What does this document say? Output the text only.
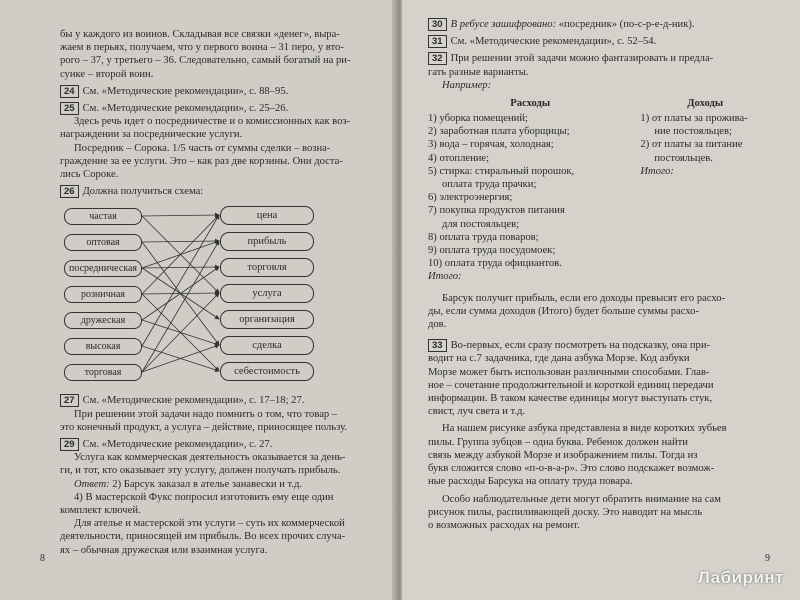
бы у каждого из воинов. Складывая все связки «денег», выра-

жаем в перьях, получаем, что у первого воина – 31 перо, у вто-

рого – 37, у третьего – 36. Следовательно, самый богатый на ри-

сунке – второй воин.

24 См. «Методические рекомендации», с. 88–95.

25 См. «Методические рекомендации», с. 25–26.

Здесь речь идет о посредничестве и о комиссионных как воз-

награждении за посреднические услуги.

Посредник – Сорока. 1/5 часть от суммы сделки – возна-

граждение за ее услуги. Это – как раз две корзины. Они доста-

лись Сороке.

26 Должна получиться схема:

частая
оптовая
посредническая
розничная
дружеская
высокая
торговая
цена
прибыль
торговля
услуга
организация
сделка
себестоимость

27 См. «Методические рекомендации», с. 17–18; 27.

При решении этой задачи надо помнить о том, что товар –

это конечный продукт, а услуга – действие, приносящее пользу.

29 См. «Методические рекомендации», с. 27.

Услуга как коммерческая деятельность оказывается за день-

ги, и тот, кто оказывает эту услугу, должен получать прибыль.

Ответ: 2) Барсук заказал в ателье занавески и т.д.

4) В мастерской Фукс попросил изготовить ему еще один

комплект ключей.

Для ателье и мастерской эти услуги – суть их коммерческой

деятельности, приносящей им прибыль. Во всех прочих случа-

ях – обычная дружеская или взаимная услуга.

8

30 В ребусе зашифровано: «посредник» (по-с-р-е-д-ник).

31 См. «Методические рекомендации», с. 52–54.

32 При решении этой задачи можно фантазировать и предла-

гать разные варианты.

Например:

Расходы
1) уборка помещений;
2) заработная плата уборщицы;
3) вода – горячая, холодная;
4) отопление;
5) стирка: стиральный порошок,
оплата труда прачки;
6) электроэнергия;
7) покупка продуктов питания
для постояльцев;
8) оплата труда поваров;
9) оплата труда посудомоек;
10) оплата труда официантов.
Итого:
Доходы
1) от платы за прожива-
ние постояльцев;
2) от платы за питание
постояльцев.
Итого:

Барсук получит прибыль, если его доходы превысят его расхо-

ды, если сумма доходов (Итого) будет больше суммы расхо-

дов.

33 Во-первых, если сразу посмотреть на подсказку, она при-

водит на с.7 задачника, где дана азбука Морзе. Код азбуки

Морзе может быть использован различными способами. Глав-

ное – сочетание продолжительной и короткой единиц передачи

информации. В таком качестве единицы могут выступать стук,

свист, луч света и т.д.

На нашем рисунке азбука представлена в виде коротких зубьев

пилы. Группа зубцов – одна буква. Ребенок должен найти

связь между азбукой Морзе и изображением пилы. Тогда из

букв сложится слово «п-о-в-а-р». Это слово подскажет возмож-

ные расходы Барсука на оплату труда повара.

Особо наблюдательные дети могут обратить внимание на сам

рисунок пилы, распиливающей доску. Это наводит на мысль

о возможных расходах на ремонт.

9
Лабиринт
